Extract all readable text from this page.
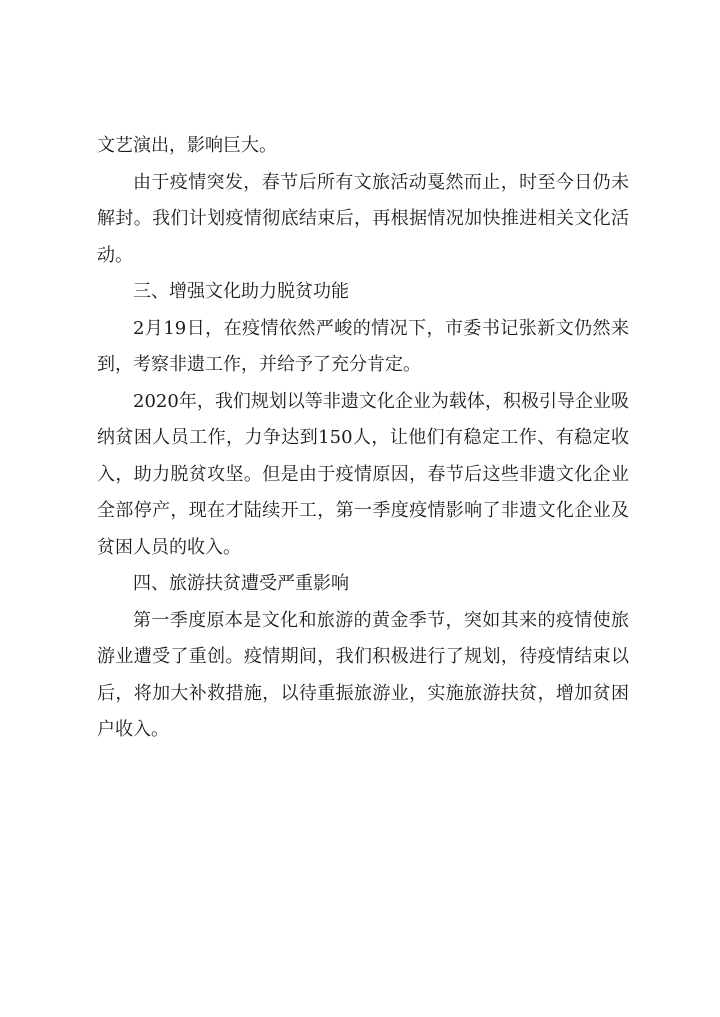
文艺演出，影响巨大。

由于疫情突发，春节后所有文旅活动戛然而止，时至今日仍未解封。我们计划疫情彻底结束后，再根据情况加快推进相关文化活动。

三、增强文化助力脱贫功能

2月19日，在疫情依然严峻的情况下，市委书记张新文仍然来到，考察非遗工作，并给予了充分肯定。

2020年，我们规划以等非遗文化企业为载体，积极引导企业吸纳贫困人员工作，力争达到150人，让他们有稳定工作、有稳定收入，助力脱贫攻坚。但是由于疫情原因，春节后这些非遗文化企业全部停产，现在才陆续开工，第一季度疫情影响了非遗文化企业及贫困人员的收入。

四、旅游扶贫遭受严重影响

第一季度原本是文化和旅游的黄金季节，突如其来的疫情使旅游业遭受了重创。疫情期间，我们积极进行了规划，待疫情结束以后，将加大补救措施，以待重振旅游业，实施旅游扶贫，增加贫困户收入。
